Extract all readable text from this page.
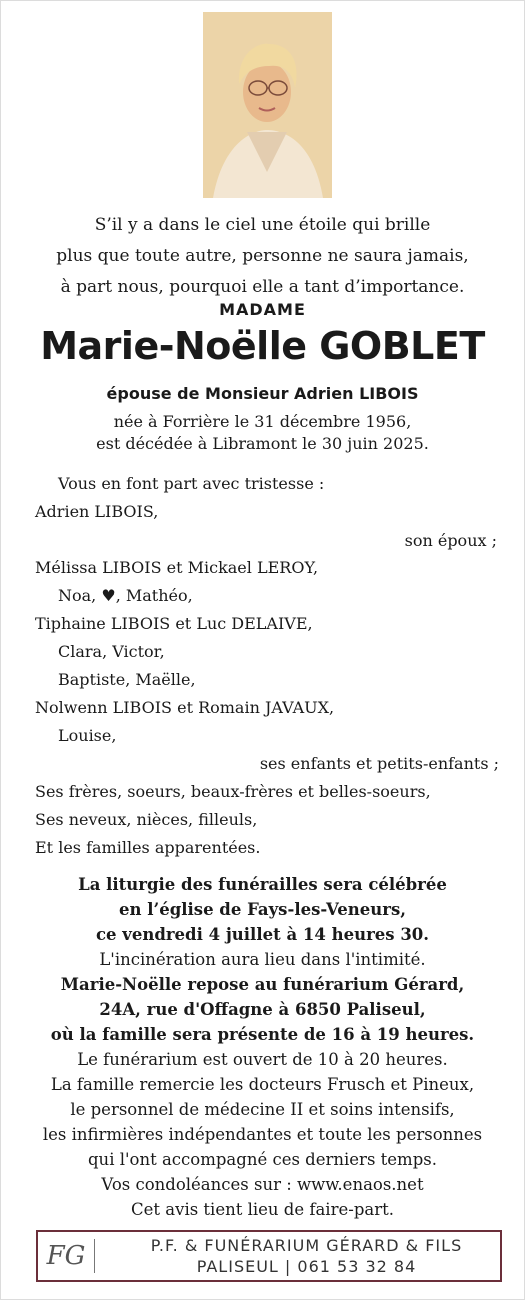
S’il y a dans le ciel une étoile qui brille
plus que toute autre, personne ne saura jamais,
à part nous, pourquoi elle a tant d’importance.
MADAME
Marie-Noëlle GOBLET
épouse de Monsieur Adrien LIBOIS
née à Forrière le 31 décembre 1956,
est décédée à Libramont le 30 juin 2025.
Vous en font part avec tristesse :
Adrien LIBOIS,
son époux ;
Mélissa LIBOIS et Mickael LEROY,
Noa, ♥, Mathéo,
Tiphaine LIBOIS et Luc DELAIVE,
Clara, Victor,
Baptiste, Maëlle,
Nolwenn LIBOIS et Romain JAVAUX,
Louise,
ses enfants et petits-enfants ;
Ses frères, soeurs, beaux-frères et belles-soeurs,
Ses neveux, nièces, filleuls,
Et les familles apparentées.
La liturgie des funérailles sera célébrée
en l’église de Fays-les-Veneurs,
ce vendredi 4 juillet à 14 heures 30.
L'incinération aura lieu dans l'intimité.
Marie-Noëlle repose au funérarium Gérard,
24A, rue d'Offagne à 6850 Paliseul,
où la famille sera présente de 16 à 19 heures.
Le funérarium est ouvert de 10 à 20 heures.
La famille remercie les docteurs Frusch et Pineux,
le personnel de médecine II et soins intensifs,
les infirmières indépendantes et toute les personnes
qui l'ont accompagné ces derniers temps.
Vos condoléances sur : www.enaos.net
Cet avis tient lieu de faire-part.
FG	P.F. & FUNÉRARIUM GÉRARD & FILS
PALISEUL | 061 53 32 84
